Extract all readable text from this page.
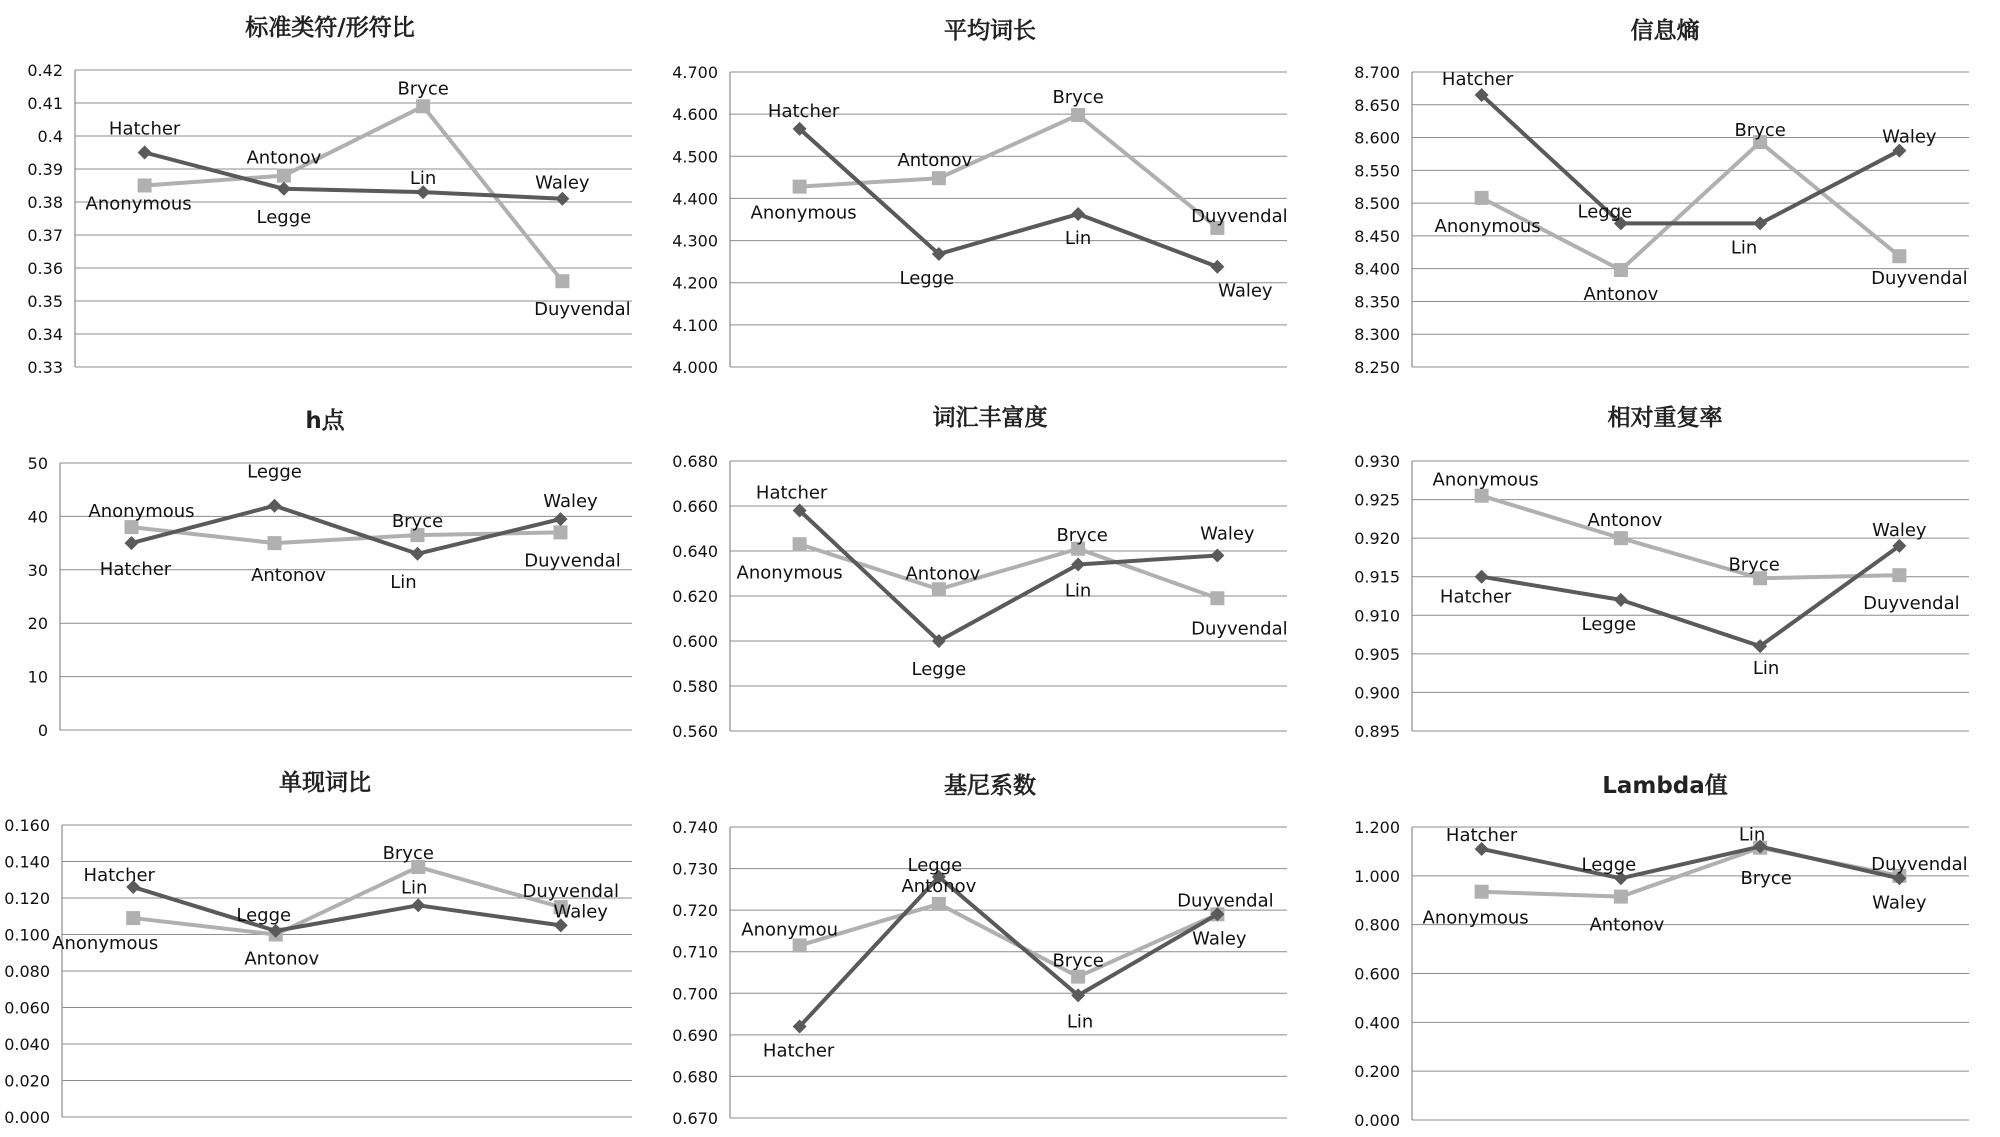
标准类符/形符比
0.33
0.34
0.35
0.36
0.37
0.38
0.39
0.4
0.41
0.42
Hatcher
Legge
Lin	Waley
Anonymous
Antonov
Bryce
Duyvendal
平均词长
4.000
4.100
4.200
4.300
4.400
4.500
4.600
4.700
Hatcher
Legge
Lin
Waley
Anonymous
Antonov
Bryce
Duyvendal
信息熵
8.250
8.300
8.350
8.400
8.450
8.500
8.550
8.600
8.650
8.700 Hatcher
Legge
Lin
Waley
Anonymous
Antonov
Bryce
Duyvendal
h点
0
10
20
30
40
50
Hatcher
Legge
Lin
Waley
Anonymous
Antonov
Bryce
Duyvendal
词汇丰富度
0.560
0.580
0.600
0.620
0.640
0.660
0.680
Hatcher
Legge
Lin
Waley
Anonymous	Antonov
Bryce
Duyvendal
相对重复率
0.895
0.900
0.905
0.910
0.915
0.920
0.925
0.930
Hatcher
Legge
Lin
Waley
Anonymous
Antonov
Bryce
Duyvendal
单现词比
0.000
0.020
0.040
0.060
0.080
0.100
0.120
0.140
0.160
Hatcher
Legge
Lin
Waley
Anonymous
Antonov
Bryce
Duyvendal
基尼系数
0.670
0.680
0.690
0.700
0.710
0.720
0.730
0.740
Hatcher
Legge
Lin
Waley
Anonymou
Antonov
Bryce
Duyvendal
Lambda值
0.000
0.200
0.400
0.600
0.800
1.000
1.200	Hatcher
Legge
Lin
Waley
Anonymous	Antonov
Bryce
Duyvendal
